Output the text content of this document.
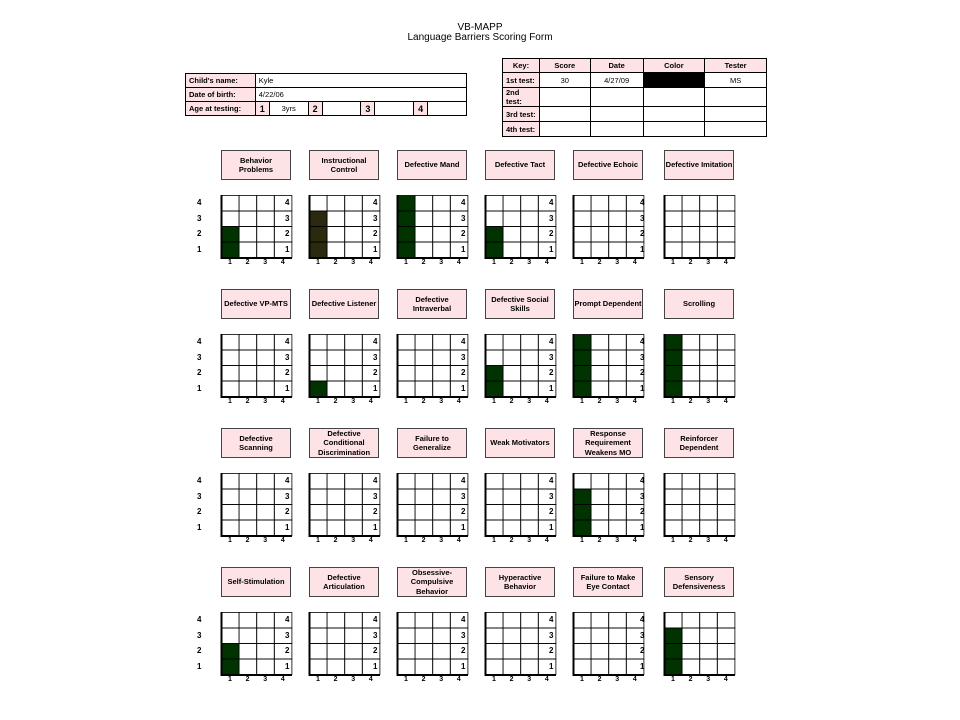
VB-MAPP
Language Barriers Scoring Form
Child's name:	Kyle							
Date of birth:	4/22/06							
Age at testing:	1	3yrs	2		3		4	
Key:	Score	Date	Color	Tester
1st test:	30	4/27/09		MS
2nd test:				
3rd test:				
4th test:				
Behavior Problems
4
3
2
1
1	2	3	4
Instructional Control
4
3
2
1
1	2	3	4
Defective Mand
4
3
2
1
1	2	3	4
Defective Tact
4
3
2
1
1	2	3	4
Defective Echoic
4
3
2
1
1	2	3	4
Defective Imitation
4
3
2
1
1	2	3	4
Defective VP-MTS
4
3
2
1
1	2	3	4
Defective Listener
4
3
2
1
1	2	3	4
Defective Intraverbal
4
3
2
1
1	2	3	4
Defective Social Skills
4
3
2
1
1	2	3	4
Prompt Dependent
4
3
2
1
1	2	3	4
Scrolling
4
3
2
1
1	2	3	4
Defective Scanning
4
3
2
1
1	2	3	4
Defective Conditional Discrimination
4
3
2
1
1	2	3	4
Failure to Generalize
4
3
2
1
1	2	3	4
Weak Motivators
4
3
2
1
1	2	3	4
Response Requirement Weakens MO
4
3
2
1
1	2	3	4
Reinforcer Dependent
4
3
2
1
1	2	3	4
Self-Stimulation
4
3
2
1
1	2	3	4
Defective Articulation
4
3
2
1
1	2	3	4
Obsessive-Compulsive Behavior
4
3
2
1
1	2	3	4
Hyperactive Behavior
4
3
2
1
1	2	3	4
Failure to Make Eye Contact
4
3
2
1
1	2	3	4
Sensory Defensiveness
4
3
2
1
1	2	3	4
